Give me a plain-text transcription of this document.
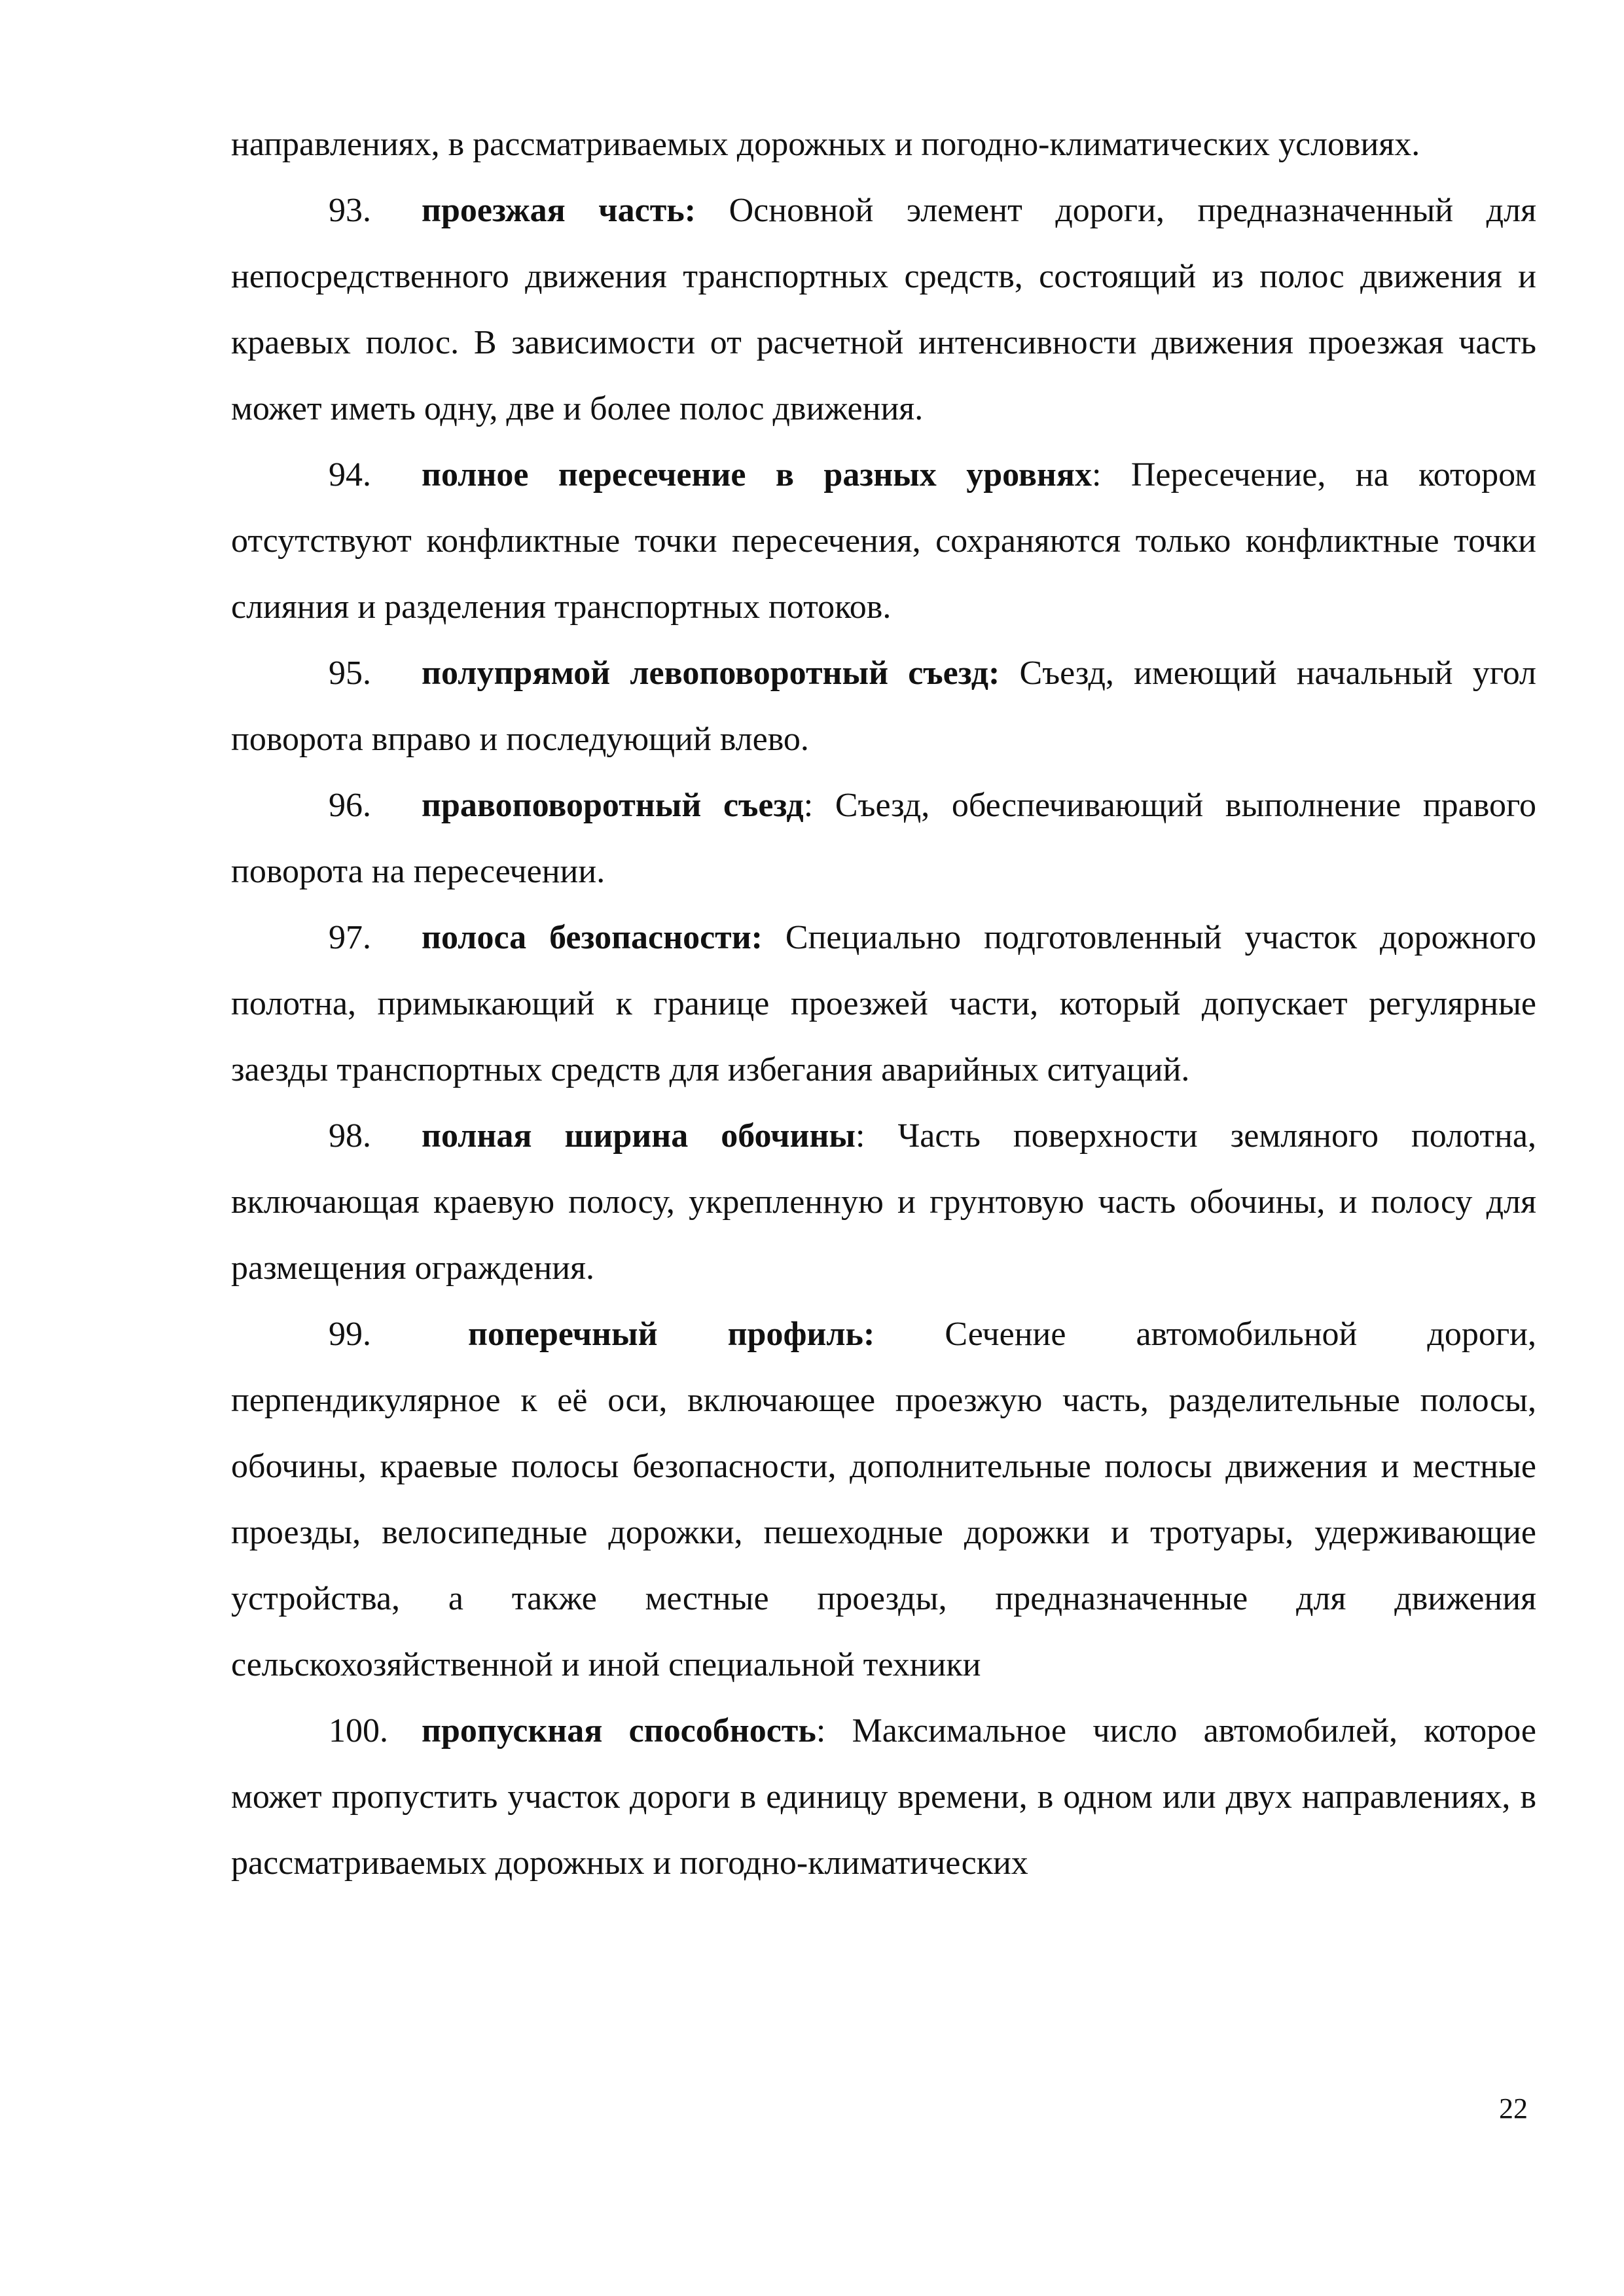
направлениях, в рассматриваемых дорожных и погодно-климатических условиях.

93. проезжая часть: Основной элемент дороги, предназначенный для непосредственного движения транспортных средств, состоящий из полос движения и краевых полос. В зависимости от расчетной интенсивности движения проезжая часть может иметь одну, две и более полос движения.

94. полное пересечение в разных уровнях: Пересечение, на котором отсутствуют конфликтные точки пересечения, сохраняются только конфликтные точки слияния и разделения транспортных потоков.

95. полупрямой левоповоротный съезд: Съезд, имеющий начальный угол поворота вправо и последующий влево.

96. правоповоротный съезд: Съезд, обеспечивающий выполнение правого поворота на пересечении.

97. полоса безопасности: Специально подготовленный участок дорожного полотна, примыкающий к границе проезжей части, который допускает регулярные заезды транспортных средств для избегания аварийных ситуаций.

98. полная ширина обочины: Часть поверхности земляного полотна, включающая краевую полосу, укрепленную и грунтовую часть обочины, и полосу для размещения ограждения.

99.	поперечный профиль: Сечение автомобильной дороги, перпендикулярное к её оси, включающее проезжую часть, разделительные полосы, обочины, краевые полосы безопасности, дополнительные полосы движения и местные проезды, велосипедные дорожки, пешеходные дорожки и тротуары, удерживающие устройства, а также местные проезды, предназначенные для движения сельскохозяйственной и иной специальной техники

100. пропускная способность: Максимальное число автомобилей, которое может пропустить участок дороги в единицу времени, в одном или двух направлениях, в рассматриваемых дорожных и погодно-климатических

22
